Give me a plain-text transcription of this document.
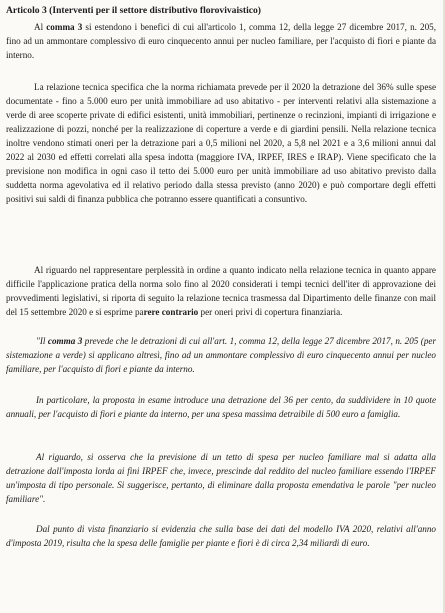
Articolo 3 (Interventi per il settore distributivo florovivaistico)
Al comma 3 si estendono i benefici di cui all'articolo 1, comma 12, della legge 27 dicembre 2017, n. 205, fino ad un ammontare complessivo di euro cinquecento annui per nucleo familiare, per l'acquisto di fiori e piante da interno.
La relazione tecnica specifica che la norma richiamata prevede per il 2020 la detrazione del 36% sulle spese documentate - fino a 5.000 euro per unità immobiliare ad uso abitativo - per interventi relativi alla sistemazione a verde di aree scoperte private di edifici esistenti, unità immobiliari, pertinenze o recinzioni, impianti di irrigazione e realizzazione di pozzi, nonché per la realizzazione di coperture a verde e di giardini pensili. Nella relazione tecnica inoltre vendono stimati oneri per la detrazione pari a 0,5 milioni nel 2020, a 5,8 nel 2021 e a 3,6 milioni annui dal 2022 al 2030 ed effetti correlati alla spesa indotta (maggiore IVA, IRPEF, IRES e IRAP). Viene specificato che la previsione non modifica in ogni caso il tetto dei 5.000 euro per unità immobiliare ad uso abitativo previsto dalla suddetta norma agevolativa ed il relativo periodo dalla stessa previsto (anno 2020) e può comportare degli effetti positivi sui saldi di finanza pubblica che potranno essere quantificati a consuntivo.
Al riguardo nel rappresentare perplessità in ordine a quanto indicato nella relazione tecnica in quanto appare difficile l'applicazione pratica della norma solo fino al 2020 considerati i tempi tecnici dell'iter di approvazione dei provvedimenti legislativi, si riporta di seguito la relazione tecnica trasmessa dal Dipartimento delle finanze con mail del 15 settembre 2020 e si esprime parere contrario per oneri privi di copertura finanziaria.
"Il comma 3 prevede che le detrazioni di cui all'art. 1, comma 12, della legge 27 dicembre 2017, n. 205 (per sistemazione a verde) si applicano altresì, fino ad un ammontare complessivo di euro cinquecento annui per nucleo familiare, per l'acquisto di fiori e piante da interno.
In particolare, la proposta in esame introduce una detrazione del 36 per cento, da suddividere in 10 quote annuali, per l'acquisto di fiori e piante da interno, per una spesa massima detraibile di 500 euro a famiglia.
Al riguardo, si osserva che la previsione di un tetto di spesa per nucleo familiare mal si adatta alla detrazione dall'imposta lorda ai fini IRPEF che, invece, prescinde dal reddito del nucleo familiare essendo l'IRPEF un'imposta di tipo personale. Si suggerisce, pertanto, di eliminare dalla proposta emendativa le parole "per nucleo familiare".
Dal punto di vista finanziario si evidenzia che sulla base dei dati del modello IVA 2020, relativi all'anno d'imposta 2019, risulta che la spesa delle famiglie per piante e fiori è di circa 2,34 miliardi di euro.
